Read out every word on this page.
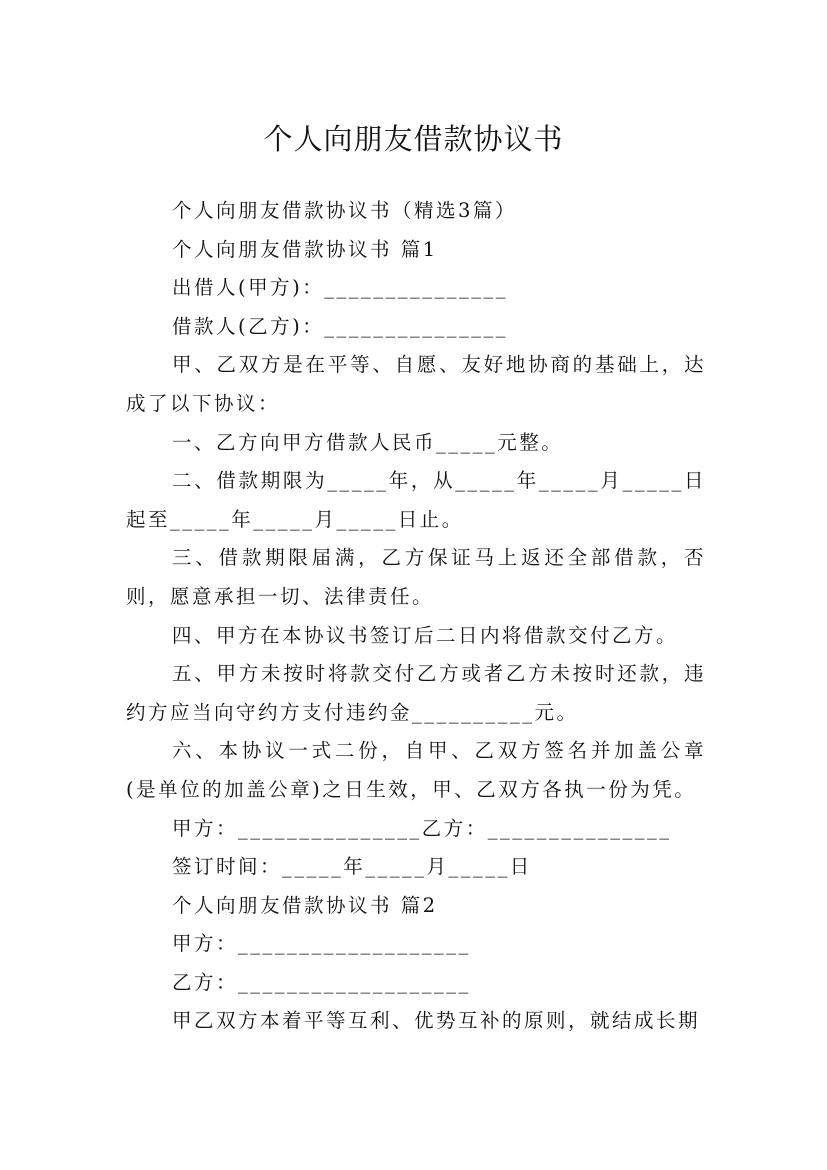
个人向朋友借款协议书

个人向朋友借款协议书（精选3篇）

个人向朋友借款协议书 篇1

出借人(甲方)：_______________

借款人(乙方)：_______________

甲、乙双方是在平等、自愿、友好地协商的基础上，达成了以下协议：

一、乙方向甲方借款人民币_____元整。

二、借款期限为_____年，从_____年_____月_____日起至_____年_____月_____日止。

三、借款期限届满，乙方保证马上返还全部借款，否则，愿意承担一切、法律责任。

四、甲方在本协议书签订后二日内将借款交付乙方。

五、甲方未按时将款交付乙方或者乙方未按时还款，违约方应当向守约方支付违约金__________元。

六、本协议一式二份，自甲、乙双方签名并加盖公章(是单位的加盖公章)之日生效，甲、乙双方各执一份为凭。

甲方：_______________乙方：_______________

签订时间：_____年_____月_____日

个人向朋友借款协议书 篇2

甲方：___________________

乙方：___________________

甲乙双方本着平等互利、优势互补的原则，就结成长期
